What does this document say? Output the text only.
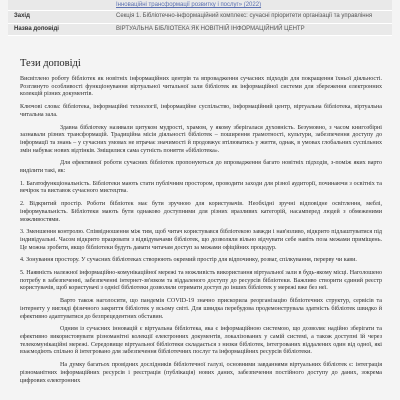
Інноваційні трансформації розвитку і послуг» (2022)
Захід	Секція 1. Бібліотечно-інформаційний комплекс: сучасні пріоритети організації та управління
Назва доповіді	ВІРТУАЛЬНА БІБЛІОТЕКА ЯК НОВІТНІЙ ІНФОРМАЦІЙНИЙ ЦЕНТР
Тези доповіді

Висвітлено роботу бібліотек як новітніх інформаційних центрів та впровадження сучасних підходів для покращення їхньої діяльності. Розглянуто особливості функціонування віртуальної читальної зали бібліотек як інформаційної системи для збереження електронних колекцій різних документів.

Ключові слова: бібліотека, інформаційні технології, інформаційне суспільство, інформаційний центр, віртуальна бібліотека, віртуальна читальна зала.

Здавна бібліотеку називали цитуком мудрості, храмом, у якому зберігалася духовність. Безумовно, з часом книгозбірні зазнавали різних трансформацій. Традиційна місія діяльності бібліотек – поширення грамотності, культури, забезпечення доступу до інформації та знань – у сучасних умовах не втрачає значимості й продовжує втілюватись у життя, однак, в умовах глобальних суспільних змін набуває нових відтінків. Зміщилися сама сутність поняття «бібліотека».

Для ефективної роботи сучасних бібліотек пропонуються до впровадження багато новітніх підходів, з-поміж яких варто виділити такі, як:

1. Багатофункціональність. Бібліотеки мають стати публічним простором, проводити заходи для різної аудиторії, починаючи з освітніх та вечірок та виставок сучасного мистецтва.

2. Відкритий простір. Роботи бібліотек має бути зручною для користувачів. Необхідні зручні відповідне освітлення, меблі, інформувальність. Бібліотеки мають бути однаково доступними для різних вразливих категорій, насамперед людей з обмеженими можливостями.

3. Зменшення контролю. Співвідношення між тим, щоб читач користувався бібліотекою завжди і нав'язливо, відкрито підлаштуватися під індивідуальні. Часом відкрито працювати з відвідувачами бібліотек, що дозволяли вільно відчувати себе навіть поза межами приміщень. Це можна зробити, якщо бібліотеки будуть давати читачам доступ за межами офіційних процедур.

4. Зонування простору. У сучасних бібліотеках створюють окремий простір для відпочинку, розваг, спілкування, перерву чи кави.

5. Наявність належної інформаційно-комунікаційної мережі та можливість використання віртуальної зали в будь-якому місці. Наголошено потребу в забезпеченні, забезпеченні інтернет-зв'язком та віддаленого доступу до ресурсів бібліотеки. Важливо створити єдиний реєстр користувачів, щоб користувачі з однієї бібліотеки дозволяли отримати доступ до інших бібліотек у мережі вже без неї.

Варто також наголосити, що пандемія COVID-19 значно прискорила реорганізацію бібліотечних структур, сервісів та інтернету у вигляді фізичного закриття бібліотек у всьому світі. Для швидка перебудова продемонструвала здатність бібліотек швидко й ефективно адаптуватися до безпрецедентних обставин.

Одним із сучасних інновацій є віртуальна бібліотека, яка є інформаційною системою, що дозволяє надійно зберігати та ефективно використовувати різноманітні колекції електронних документів, локалізованих у самій системі, а також доступні їй через телекомунікаційні мережі. Середовище віртуальної бібліотеки складається з низки бібліотек, інтегрованих віддалених один від одної, які взаємодіють спільно й інтегровано для забезпечення бібліотечних послуг та інформаційних ресурсів бібліотеки.

На думку багатьох провідних дослідників бібліотечної галузі, основними завданнями віртуальних бібліотек є: інтеграція різноманітних інформаційних ресурсів і реєстрація (публікація) нових даних, забезпечення постійного доступу до даних, зокрема цифрових електронних
